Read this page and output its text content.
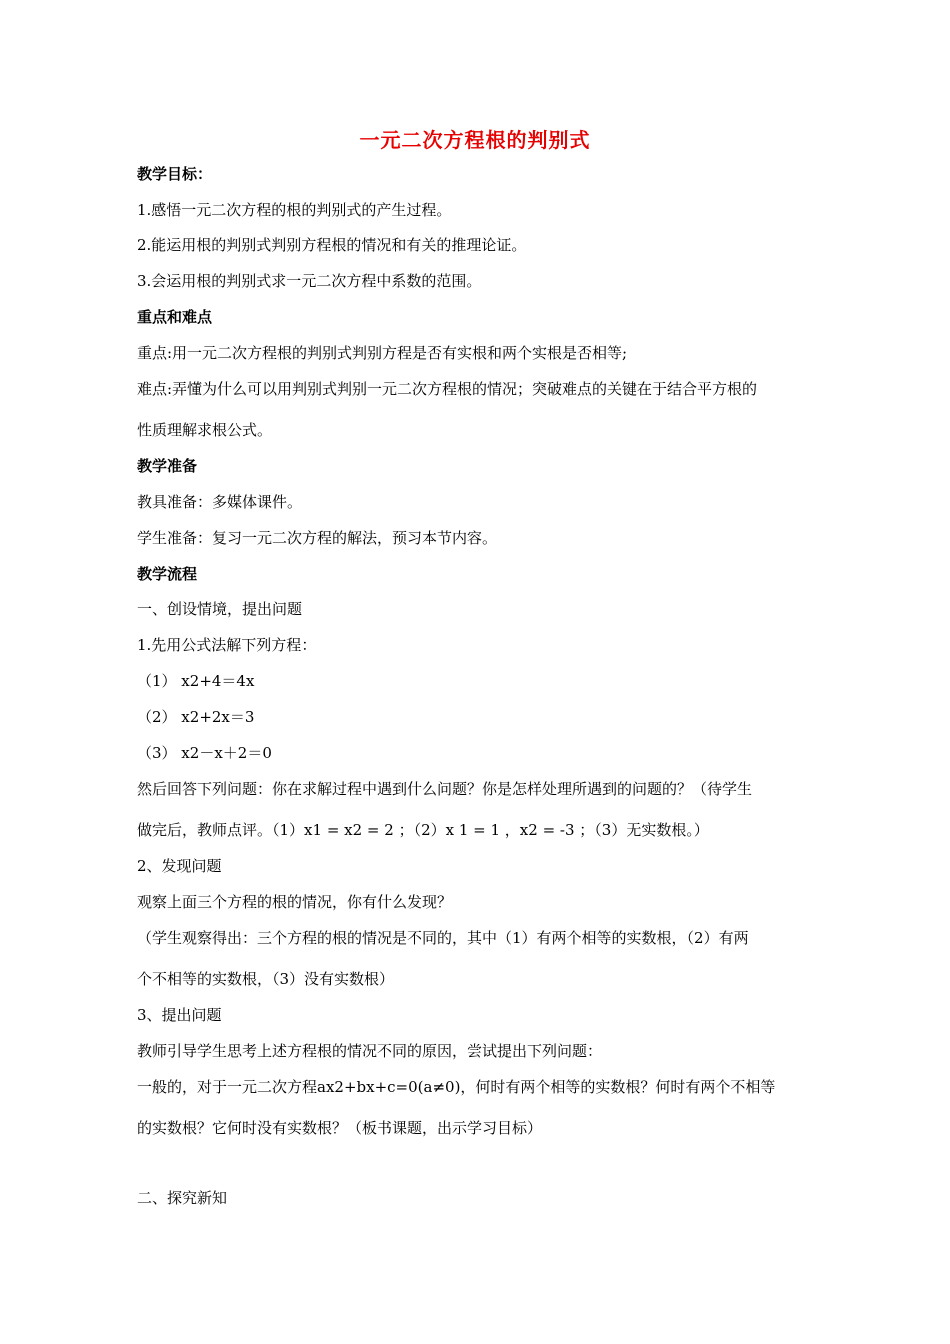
一元二次方程根的判别式
教学目标：
1.感悟一元二次方程的根的判别式的产生过程。
2.能运用根的判别式判别方程根的情况和有关的推理论证。
3.会运用根的判别式求一元二次方程中系数的范围。
重点和难点
重点:用一元二次方程根的判别式判别方程是否有实根和两个实根是否相等;
难点:弄懂为什么可以用判别式判别一元二次方程根的情况；突破难点的关键在于结合平方根的
性质理解求根公式。
教学准备
教具准备：多媒体课件。
学生准备：复习一元二次方程的解法，预习本节内容。
教学流程
一、创设情境，提出问题
1.先用公式法解下列方程：
（1） x2+4＝4x
（2） x2+2x＝3
（3） x2－x＋2＝0
然后回答下列问题：你在求解过程中遇到什么问题？你是怎样处理所遇到的问题的？（待学生
做完后，教师点评。（1）x1 = x2 = 2 ；（2）x 1 = 1 ，x2 = -3 ；（3）无实数根。）
2、发现问题
观察上面三个方程的根的情况，你有什么发现？
（学生观察得出：三个方程的根的情况是不同的，其中（1）有两个相等的实数根，（2）有两
个不相等的实数根，（3）没有实数根）
3、提出问题
教师引导学生思考上述方程根的情况不同的原因，尝试提出下列问题：
一般的，对于一元二次方程ax2+bx+c=0(a≠0)，何时有两个相等的实数根？何时有两个不相等
的实数根？它何时没有实数根？（板书课题，出示学习目标）
二、探究新知
